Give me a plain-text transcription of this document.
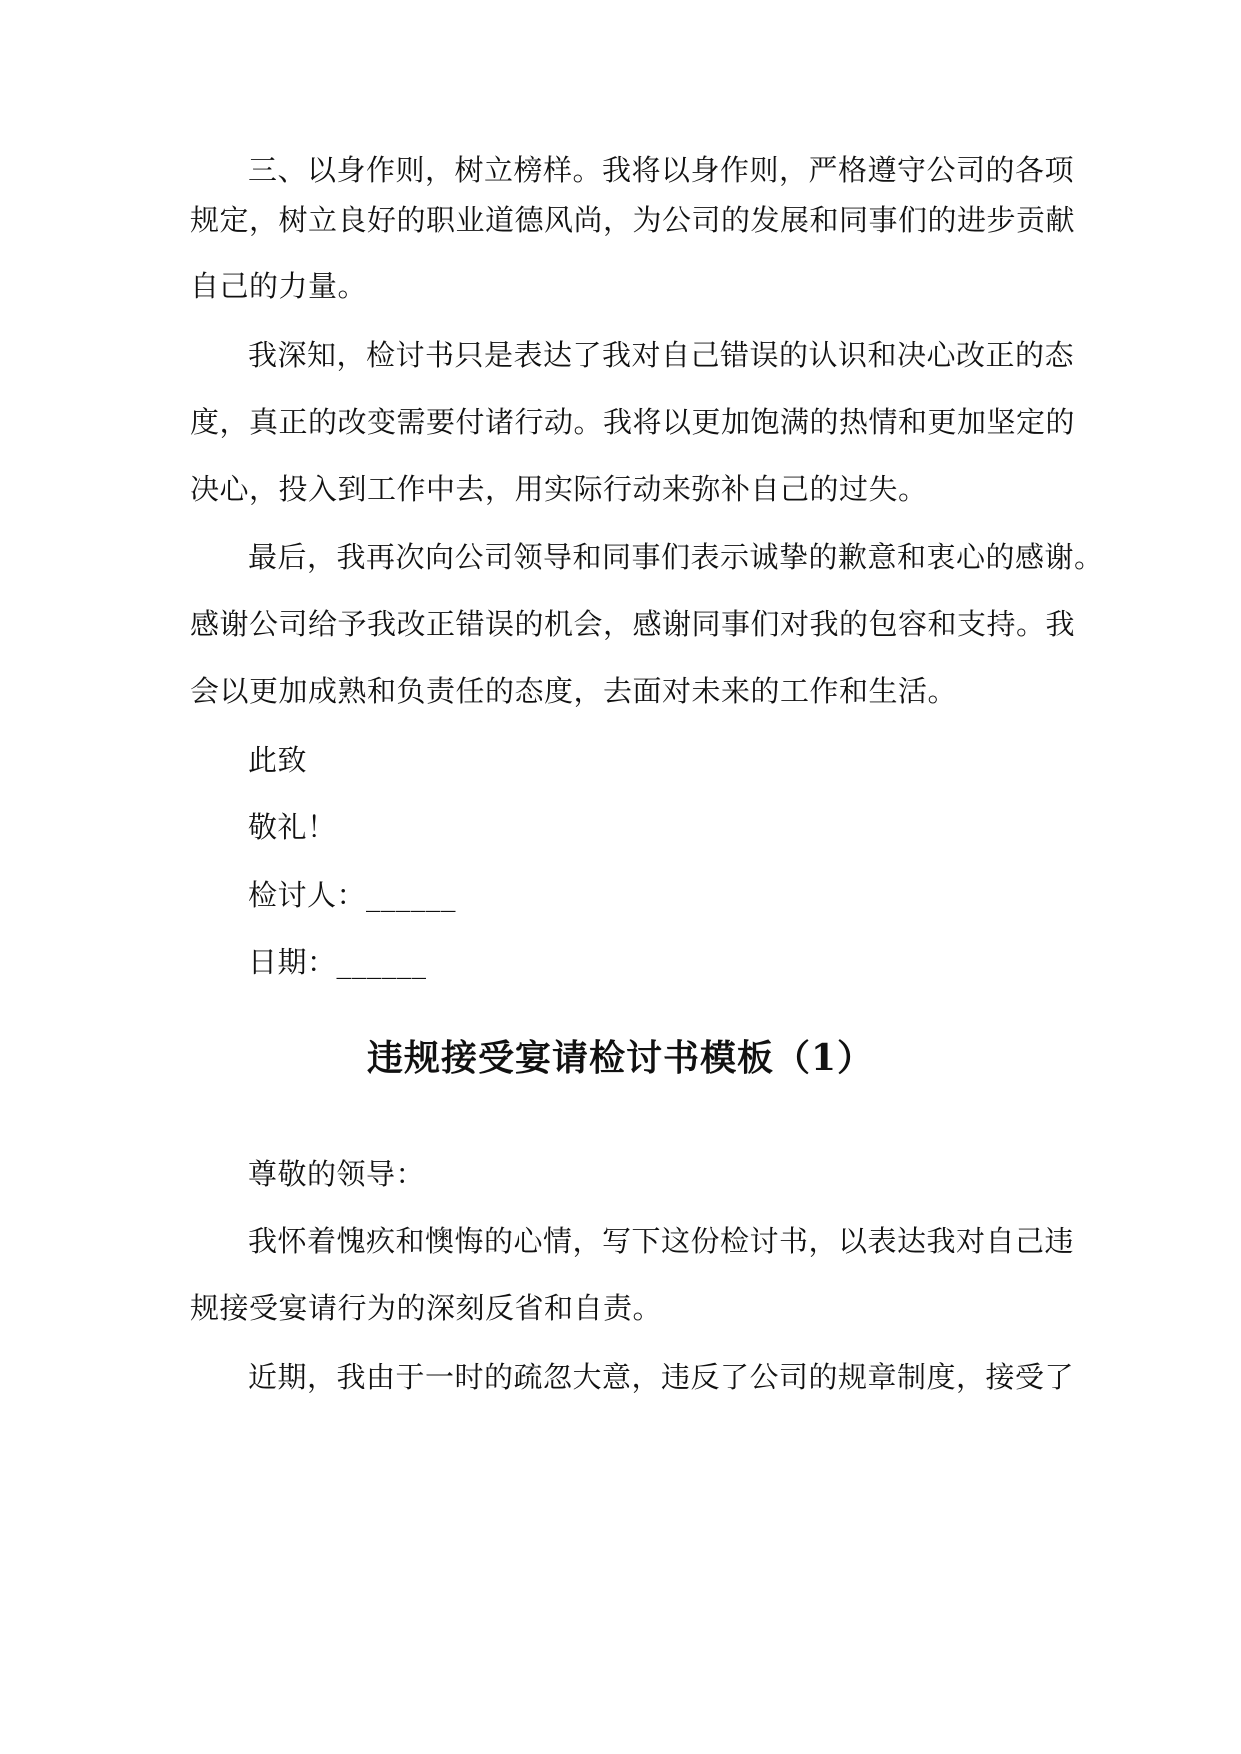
三、以身作则，树立榜样。我将以身作则，严格遵守公司的各项
规定，树立良好的职业道德风尚，为公司的发展和同事们的进步贡献
自己的力量。
我深知，检讨书只是表达了我对自己错误的认识和决心改正的态
度，真正的改变需要付诸行动。我将以更加饱满的热情和更加坚定的
决心，投入到工作中去，用实际行动来弥补自己的过失。
最后，我再次向公司领导和同事们表示诚挚的歉意和衷心的感谢。
感谢公司给予我改正错误的机会，感谢同事们对我的包容和支持。我
会以更加成熟和负责任的态度，去面对未来的工作和生活。
此致
敬礼！
检讨人：______
日期：______
违规接受宴请检讨书模板（1）
尊敬的领导：
我怀着愧疚和懊悔的心情，写下这份检讨书，以表达我对自己违
规接受宴请行为的深刻反省和自责。
近期，我由于一时的疏忽大意，违反了公司的规章制度，接受了
